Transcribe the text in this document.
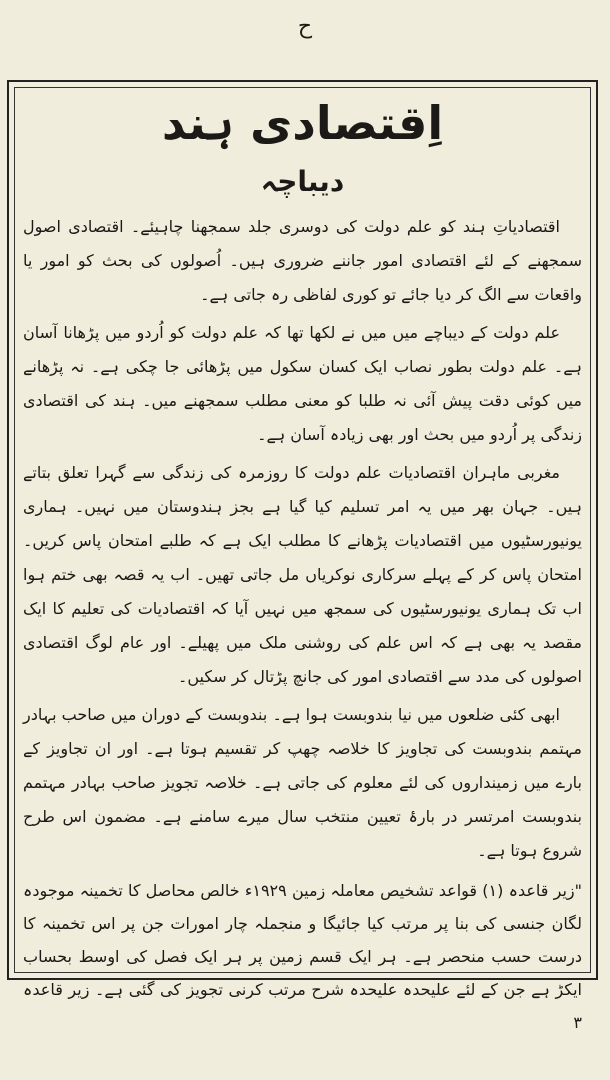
ح
اِقتصادی ہند
دیباچہ

اقتصادیاتِ ہند کو علم دولت کی دوسری جلد سمجھنا چاہیئے۔ اقتصادی اصول سمجھنے کے لئے اقتصادی امور جاننے ضروری ہیں۔ اُصولوں کی بحث کو امور یا واقعات سے الگ کر دیا جائے تو کوری لفاظی رہ جاتی ہے۔

علم دولت کے دیباچے میں میں نے لکھا تھا کہ علم دولت کو اُردو میں پڑھانا آسان ہے۔ علم دولت بطور نصاب ایک کسان سکول میں پڑھائی جا چکی ہے۔ نہ پڑھانے میں کوئی دقت پیش آئی نہ طلبا کو معنی مطلب سمجھنے میں۔ ہند کی اقتصادی زندگی پر اُردو میں بحث اور بھی زیادہ آسان ہے۔

مغربی ماہران اقتصادیات علم دولت کا روزمرہ کی زندگی سے گہرا تعلق بتاتے ہیں۔ جہان بھر میں یہ امر تسلیم کیا گیا ہے بجز ہندوستان میں نہیں۔ ہماری یونیورسٹیوں میں اقتصادیات پڑھانے کا مطلب ایک ہے کہ طلبے امتحان پاس کریں۔ امتحان پاس کر کے پہلے سرکاری نوکریاں مل جاتی تھیں۔ اب یہ قصہ بھی ختم ہوا اب تک ہماری یونیورسٹیوں کی سمجھ میں نہیں آیا کہ اقتصادیات کی تعلیم کا ایک مقصد یہ بھی ہے کہ اس علم کی روشنی ملک میں پھیلے۔ اور عام لوگ اقتصادی اصولوں کی مدد سے اقتصادی امور کی جانچ پڑتال کر سکیں۔

ابھی کئی ضلعوں میں نیا بندوبست ہوا ہے۔ بندوبست کے دوران میں صاحب بہادر مہتمم بندوبست کی تجاویز کا خلاصہ چھپ کر تقسیم ہوتا ہے۔ اور ان تجاویز کے بارے میں زمینداروں کی لئے معلوم کی جاتی ہے۔ خلاصہ تجویز صاحب بہادر مہتمم بندوبست امرتسر در بارۂ تعیین منتخب سال میرے سامنے ہے۔ مضمون اس طرح شروع ہوتا ہے۔

"زیر قاعدہ (۱) قواعد تشخیص معاملہ زمین ۱۹۲۹ء خالص محاصل کا تخمینہ موجودہ لگان جنسی کی بنا پر مرتب کیا جائیگا و منجملہ چار امورات جن پر اس تخمینہ کا درست حسب منحصر ہے۔ ہر ایک قسم زمین پر ہر ایک فصل کی اوسط بحساب ایکڑ ہے جن کے لئے علیحدہ علیحدہ شرح مرتب کرنی تجویز کی گئی ہے۔ زیر قاعدہ ۳
